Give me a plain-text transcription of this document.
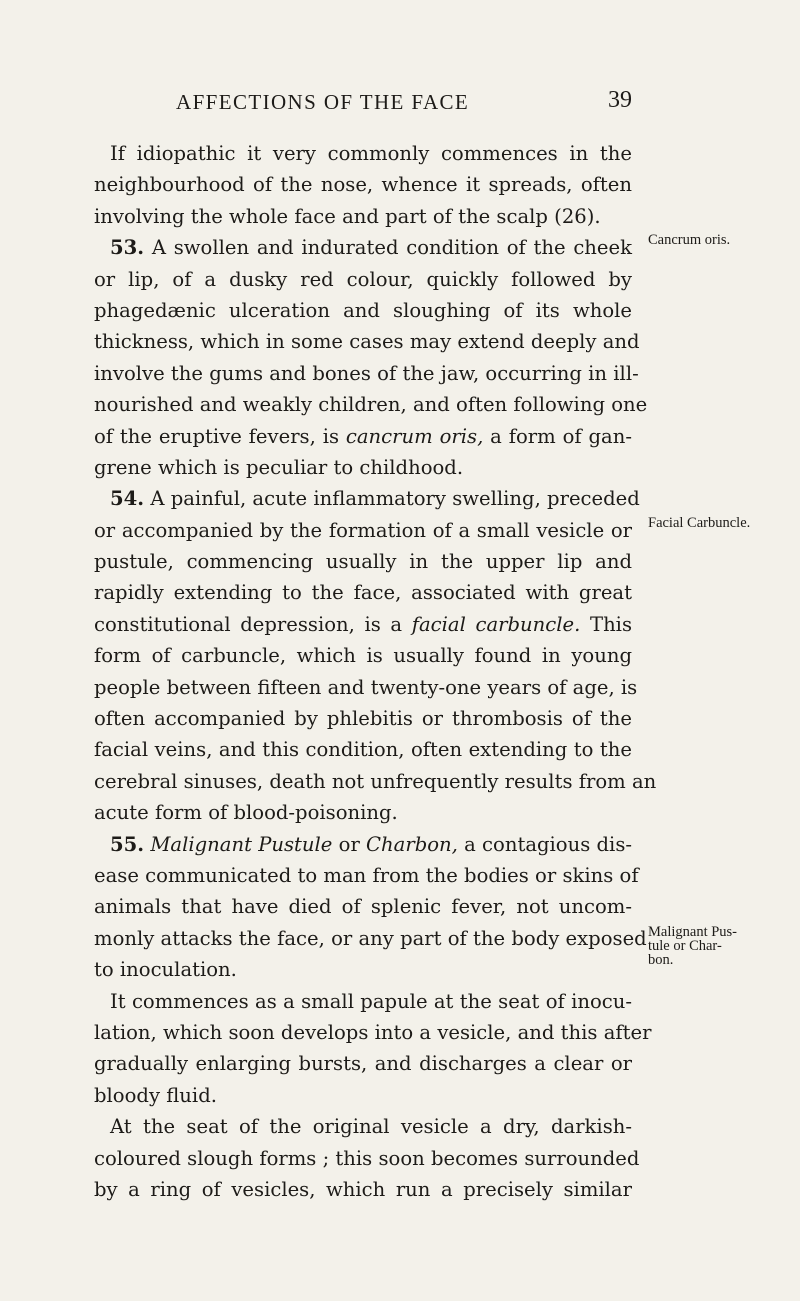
AFFECTIONS OF THE FACE	39
If idiopathic it very commonly commences in the
neighbourhood of the nose, whence it spreads, often
involving the whole face and part of the scalp (26).
53. A swollen and indurated condition of the cheek
or lip, of a dusky red colour, quickly followed by
phagedænic ulceration and sloughing of its whole
thickness, which in some cases may extend deeply and
involve the gums and bones of the jaw, occurring in ill-
nourished and weakly children, and often following one
of the eruptive fevers, is cancrum oris, a form of gan-
grene which is peculiar to childhood.
54. A painful, acute inflammatory swelling, preceded
or accompanied by the formation of a small vesicle or
pustule, commencing usually in the upper lip and
rapidly extending to the face, associated with great
constitutional depression, is a facial carbuncle. This
form of carbuncle, which is usually found in young
people between fifteen and twenty-one years of age, is
often accompanied by phlebitis or thrombosis of the
facial veins, and this condition, often extending to the
cerebral sinuses, death not unfrequently results from an
acute form of blood-poisoning.
55. Malignant Pustule or Charbon, a contagious dis-
ease communicated to man from the bodies or skins of
animals that have died of splenic fever, not uncom-
monly attacks the face, or any part of the body exposed
to inoculation.
It commences as a small papule at the seat of inocu-
lation, which soon develops into a vesicle, and this after
gradually enlarging bursts, and discharges a clear or
bloody fluid.
At the seat of the original vesicle a dry, darkish-
coloured slough forms ; this soon becomes surrounded
by a ring of vesicles, which run a precisely similar
Cancrum oris.
Facial Carbuncle.
Malignant Pus-
tule or Char-
bon.
